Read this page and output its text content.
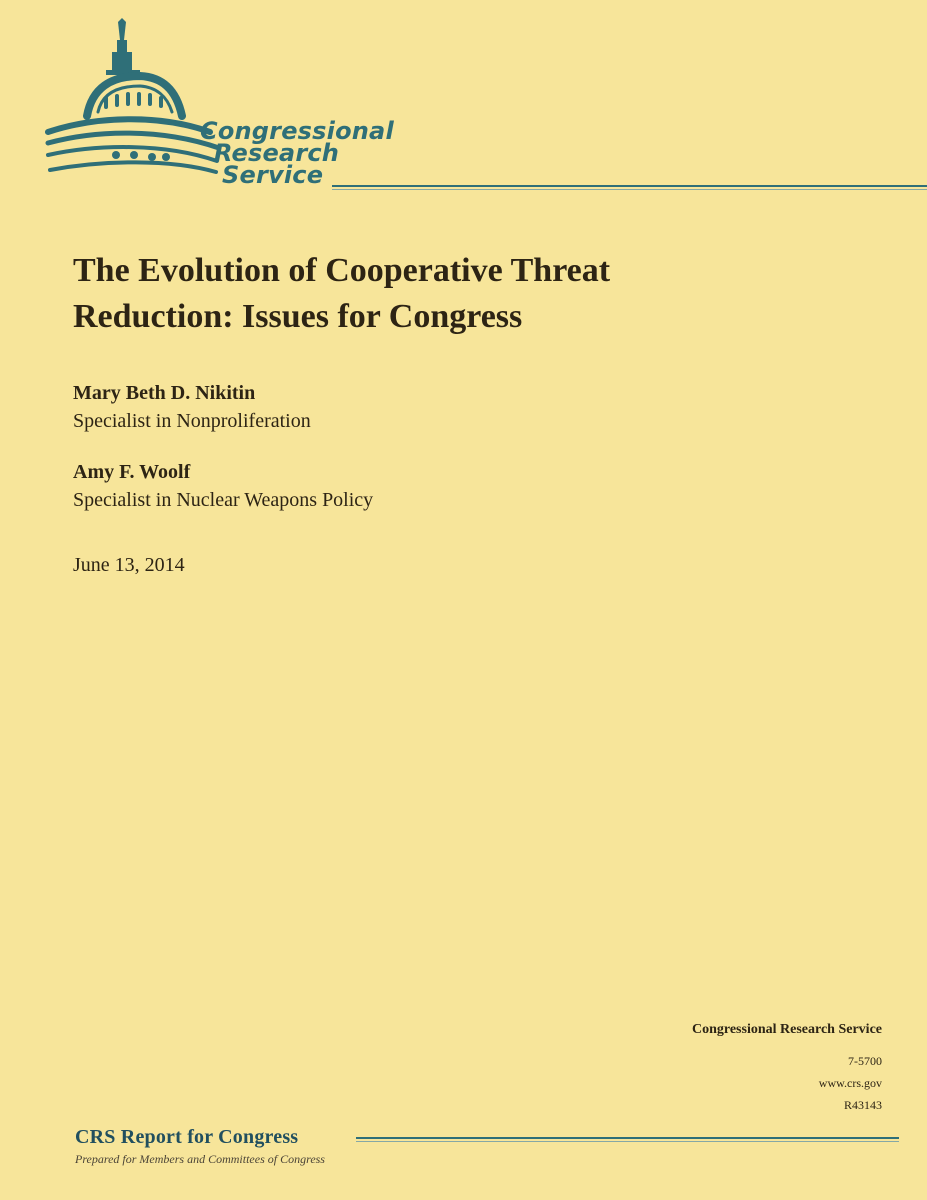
Congressional
Research
Service
The Evolution of Cooperative Threat
Reduction: Issues for Congress
Mary Beth D. Nikitin
Specialist in Nonproliferation
Amy F. Woolf
Specialist in Nuclear Weapons Policy
June 13, 2014
Congressional Research Service
7-5700
www.crs.gov
R43143
CRS Report for Congress
Prepared for Members and Committees of Congress
